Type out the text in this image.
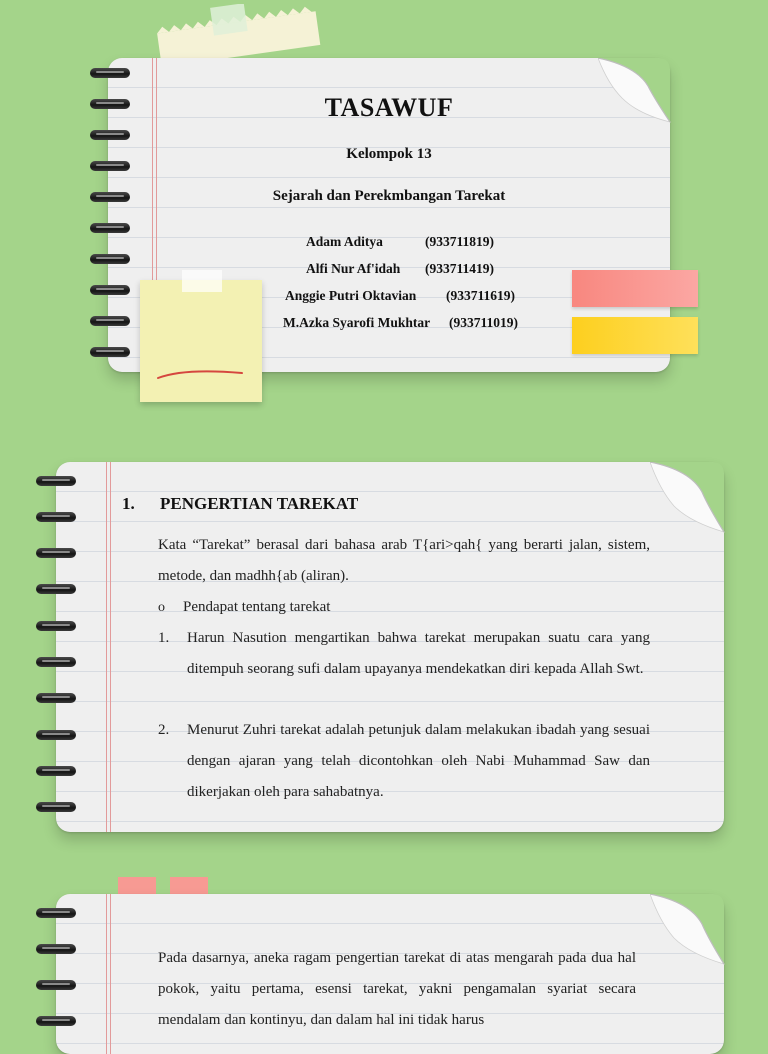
TASAWUF
Kelompok 13
Sejarah dan Perekmbangan Tarekat
Adam Aditya	(933711819)
Alfi Nur Af'idah (933711419)
Anggie Putri Oktavian (933711619)
M.Azka Syarofi Mukhtar (933711019)
1. PENGERTIAN TAREKAT
Kata “Tarekat” berasal dari bahasa arab T{ari>qah{ yang berarti jalan, sistem, metode, dan madhh{ab (aliran).
o	Pendapat tentang tarekat
1.	Harun Nasution mengartikan bahwa tarekat merupakan suatu cara yang ditempuh seorang sufi dalam upayanya mendekatkan diri kepada Allah Swt.
2.	Menurut Zuhri tarekat adalah petunjuk dalam melakukan ibadah yang sesuai dengan ajaran yang telah dicontohkan oleh Nabi Muhammad Saw dan dikerjakan oleh para sahabatnya.
Pada dasarnya, aneka ragam pengertian tarekat di atas mengarah pada dua hal pokok, yaitu pertama, esensi tarekat, yakni pengamalan syariat secara mendalam dan kontinyu, dan dalam hal ini tidak harus
